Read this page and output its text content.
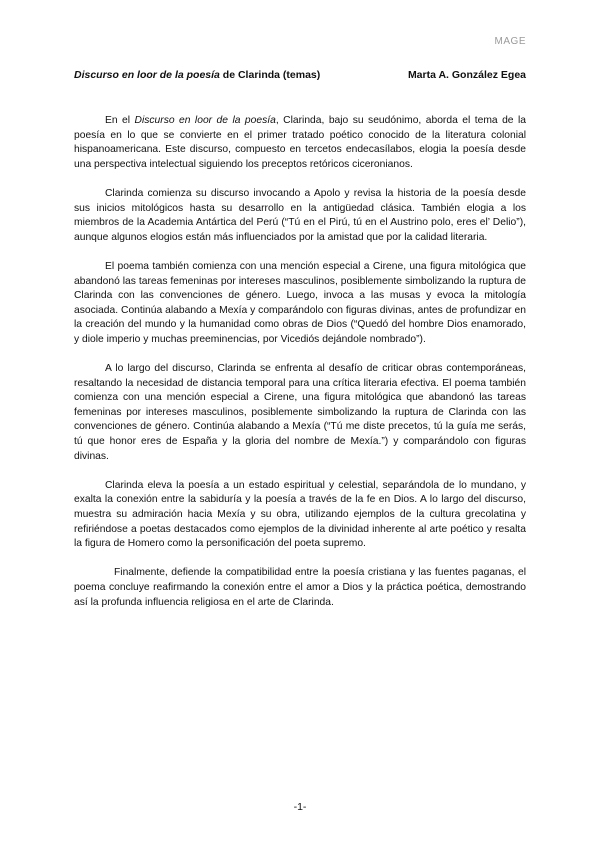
MAGE
Discurso en loor de la poesía de Clarinda (temas)	Marta A. González Egea

En el Discurso en loor de la poesía, Clarinda, bajo su seudónimo, aborda el tema de la poesía en lo que se convierte en el primer tratado poético conocido de la literatura colonial hispanoamericana. Este discurso, compuesto en tercetos endecasílabos, elogia la poesía desde una perspectiva intelectual siguiendo los preceptos retóricos ciceronianos.

Clarinda comienza su discurso invocando a Apolo y revisa la historia de la poesía desde sus inicios mitológicos hasta su desarrollo en la antigüedad clásica. También elogia a los miembros de la Academia Antártica del Perú (“Tú en el Pirú, tú en el Austrino polo, eres el’ Delio”), aunque algunos elogios están más influenciados por la amistad que por la calidad literaria.

El poema también comienza con una mención especial a Cirene, una figura mitológica que abandonó las tareas femeninas por intereses masculinos, posiblemente simbolizando la ruptura de Clarinda con las convenciones de género. Luego, invoca a las musas y evoca la mitología asociada. Continúa alabando a Mexía y comparándolo con figuras divinas, antes de profundizar en la creación del mundo y la humanidad como obras de Dios (“Quedó del hombre Dios enamorado, y diole imperio y muchas preeminencias, por Vicediós dejándole nombrado”).

A lo largo del discurso, Clarinda se enfrenta al desafío de criticar obras contemporáneas, resaltando la necesidad de distancia temporal para una crítica literaria efectiva. El poema también comienza con una mención especial a Cirene, una figura mitológica que abandonó las tareas femeninas por intereses masculinos, posiblemente simbolizando la ruptura de Clarinda con las convenciones de género. Continúa alabando a Mexía (“Tú me diste precetos, tú la guía me serás, tú que honor eres de España y la gloria del nombre de Mexía.”) y comparándolo con figuras divinas.

Clarinda eleva la poesía a un estado espiritual y celestial, separándola de lo mundano, y exalta la conexión entre la sabiduría y la poesía a través de la fe en Dios. A lo largo del discurso, muestra su admiración hacia Mexía y su obra, utilizando ejemplos de la cultura grecolatina y refiriéndose a poetas destacados como ejemplos de la divinidad inherente al arte poético y resalta la figura de Homero como la personificación del poeta supremo.

Finalmente, defiende la compatibilidad entre la poesía cristiana y las fuentes paganas, el poema concluye reafirmando la conexión entre el amor a Dios y la práctica poética, demostrando así la profunda influencia religiosa en el arte de Clarinda.

-1-
